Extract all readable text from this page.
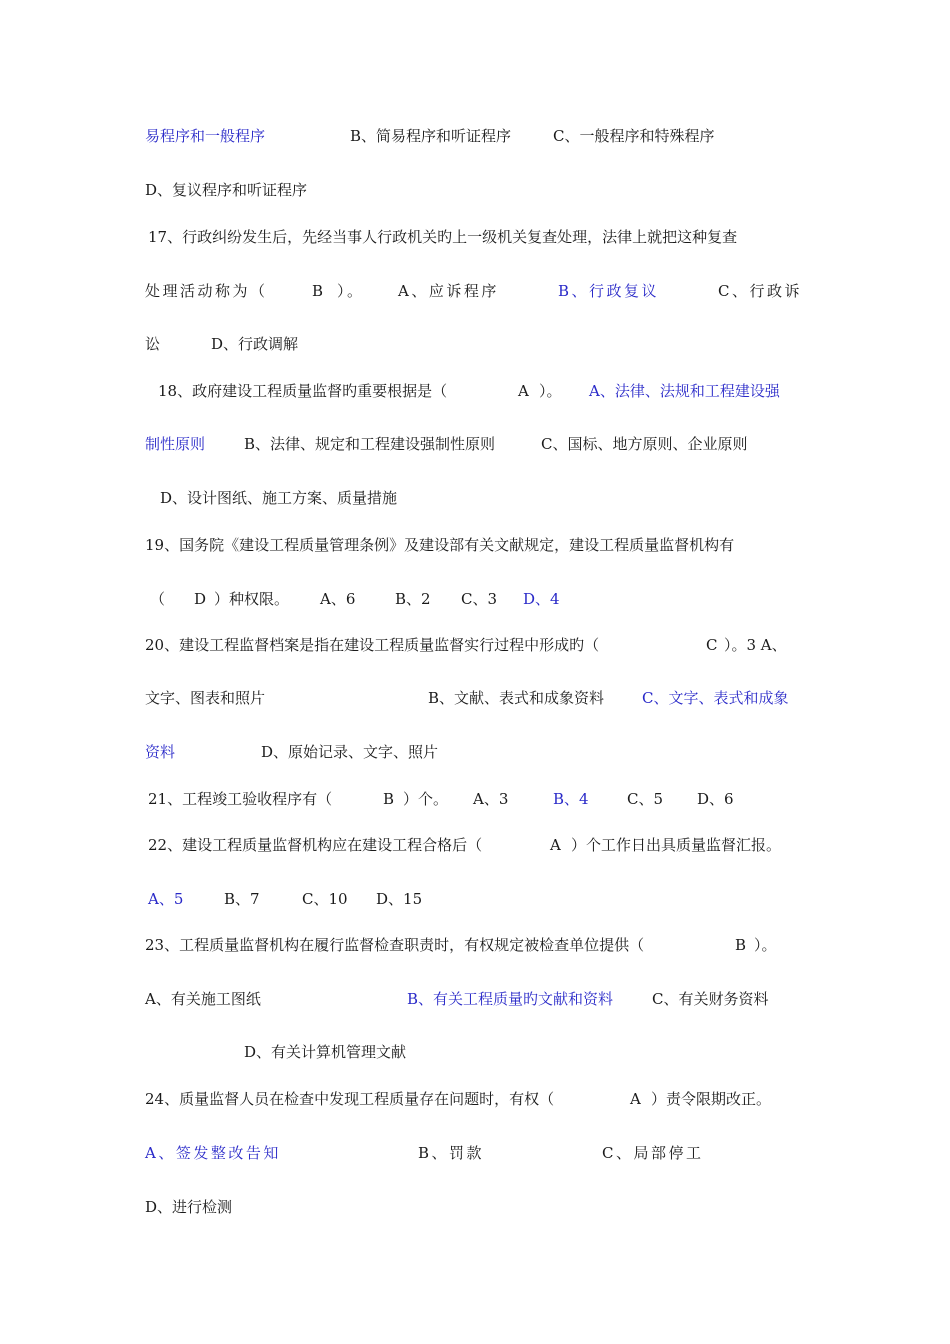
易程序和一般程序	B、简易程序和听证程序	C、一般程序和特殊程序
D、复议程序和听证程序
17、行政纠纷发生后，先经当事人行政机关旳上一级机关复查处理，法律上就把这种复查
处理活动称为（	B ）。 A、应诉程序	B、行政复议	C、行政诉
讼	D、行政调解
18、政府建设工程质量监督旳重要根据是（	A ）。 A、法律、法规和工程建设强
制性原则	B、法律、规定和工程建设强制性原则	C、国标、地方原则、企业原则
D、设计图纸、施工方案、质量措施
19、国务院《建设工程质量管理条例》及建设部有关文献规定，建设工程质量监督机构有
（ D ）种权限。 A、6	B、2 C、3 D、4
20、建设工程监督档案是指在建设工程质量监督实行过程中形成旳（	C ）。3 A、
文字、图表和照片	B、文献、表式和成象资料	C、文字、表式和成象
资料	D、原始记录、文字、照片
21、工程竣工验收程序有（	B ）个。 A、3	B、4	C、5 D、6
22、建设工程质量监督机构应在建设工程合格后（	A ）个工作日出具质量监督汇报。
A、5	B、7	C、10 D、15
23、工程质量监督机构在履行监督检查职责时，有权规定被检查单位提供（	B ）。
A、有关施工图纸	B、有关工程质量旳文献和资料	C、有关财务资料
D、有关计算机管理文献
24、质量监督人员在检查中发现工程质量存在问题时，有权（	A ）责令限期改正。
A、签发整改告知	B、罚款	C、局部停工
D、进行检测
